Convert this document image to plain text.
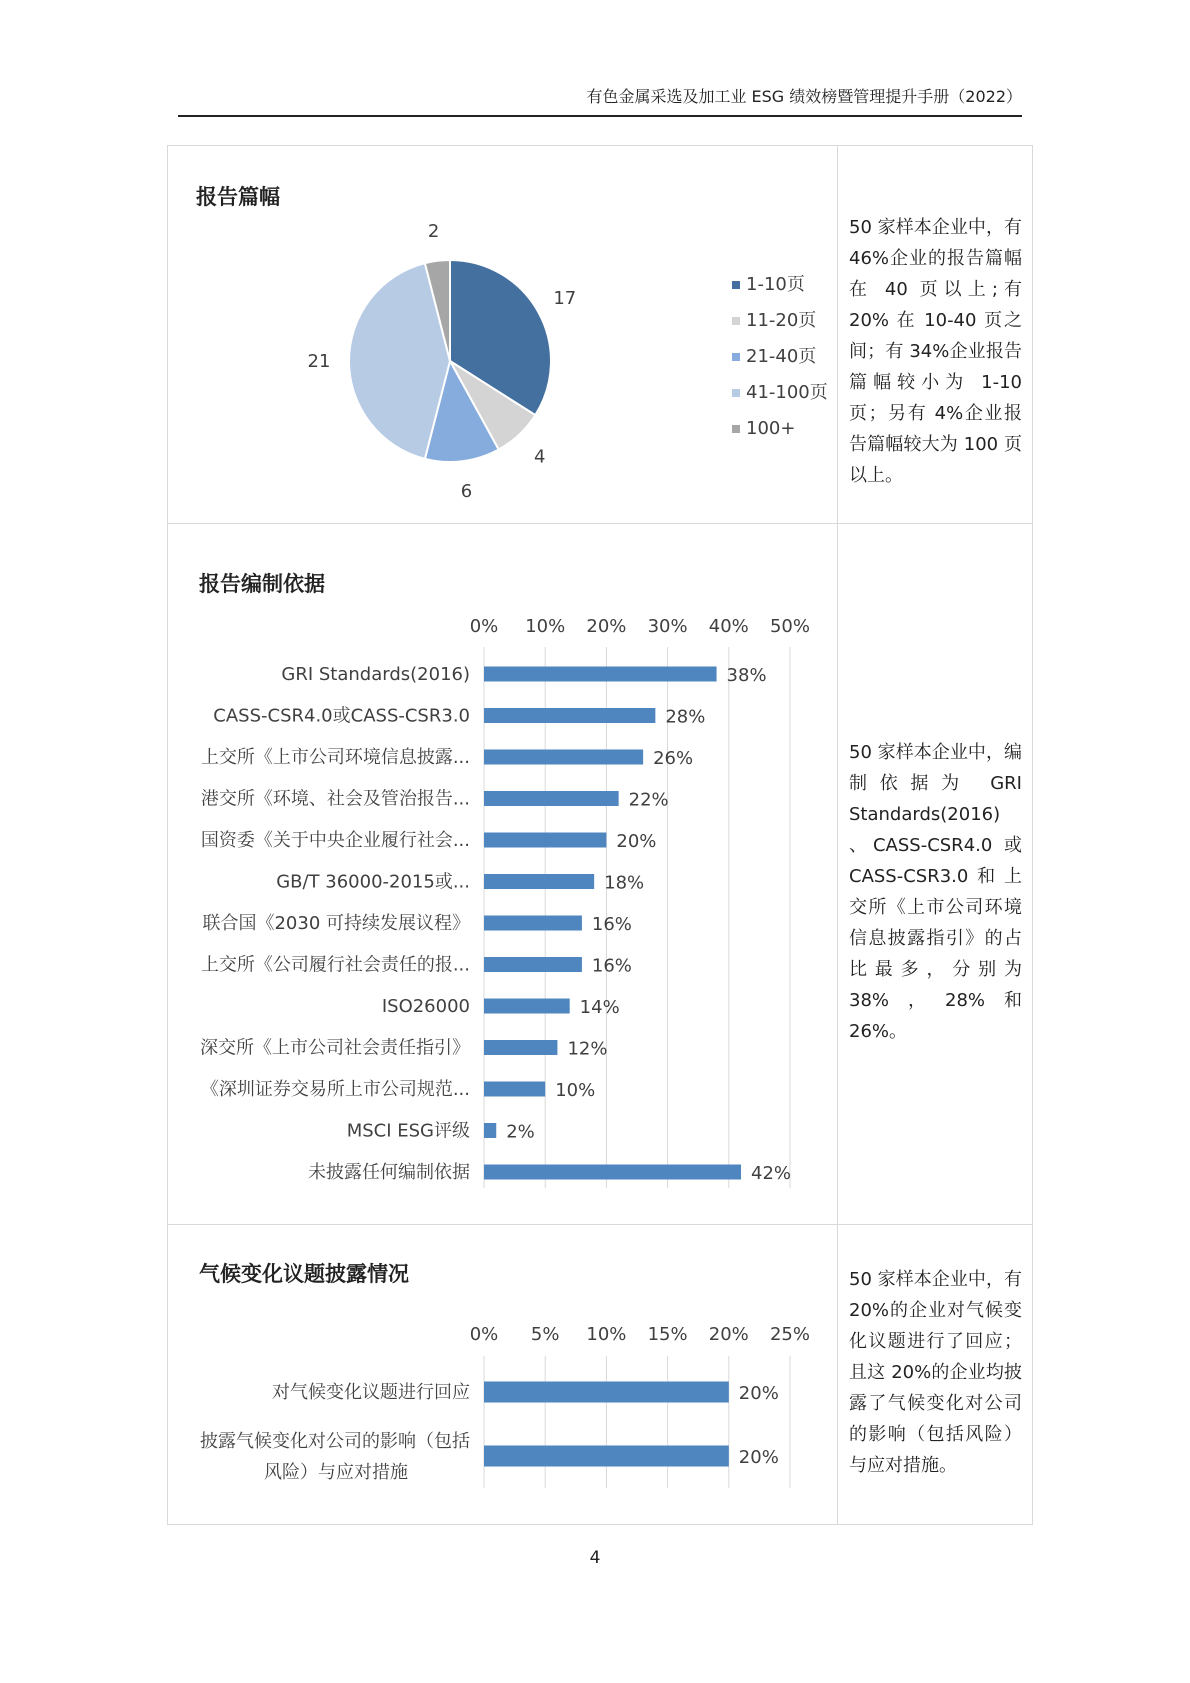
有色金属采选及加工业 ESG 绩效榜暨管理提升手册（2022）
报告篇幅
17
4
6
21
2
1-10页
11-20页
21-40页
41-100页
100+
50 家样本企业中，有46%企业的报告篇幅在 40 页以上;有 20% 在 10-40 页之间；有 34%企业报告篇幅较小为 1-10 页；另有 4%企业报告篇幅较大为 100 页以上。
报告编制依据
0% 10% 20% 30% 40% 50%
38%
GRI Standards(2016)
28%
CASS-CSR4.0或CASS-CSR3.0
26%
上交所《上市公司环境信息披露...
22%
港交所《环境、社会及管治报告...
20%
国资委《关于中央企业履行社会...
18%
GB/T 36000-2015或...
16%
联合国《2030 可持续发展议程》
16%
上交所《公司履行社会责任的报...
14%
ISO26000
12%
深交所《上市公司社会责任指引》
10%
《深圳证券交易所上市公司规范...
2%
MSCI ESG评级
42%
未披露任何编制依据
50 家样本企业中，编制依据为 GRI Standards(2016) 、CASS-CSR4.0 或 CASS-CSR3.0和上交所《上市公司环境信息披露指引》的占比最多，分别为 38%，28%和 26%。
气候变化议题披露情况
0% 5% 10% 15% 20% 25%
20%
对气候变化议题进行回应
20%
披露气候变化对公司的影响（包括风险）与应对措施
50 家样本企业中，有 20%的企业对气候变化议题进行了回应；且这 20%的企业均披露了气候变化对公司的影响（包括风险）与应对措施。
4
